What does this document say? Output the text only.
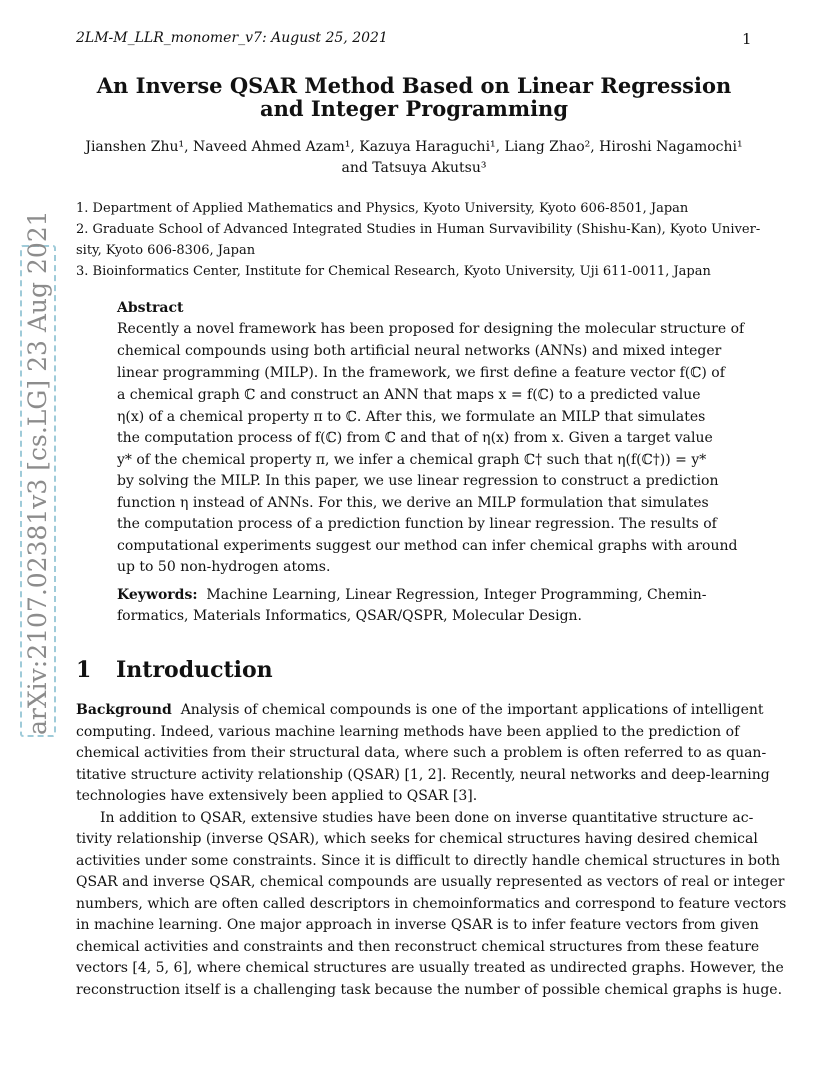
2LM-M_LLR_monomer_v7: August 25, 2021	1
An Inverse QSAR Method Based on Linear Regression
and Integer Programming
Jianshen Zhu¹, Naveed Ahmed Azam¹, Kazuya Haraguchi¹, Liang Zhao², Hiroshi Nagamochi¹
and Tatsuya Akutsu³
1. Department of Applied Mathematics and Physics, Kyoto University, Kyoto 606-8501, Japan
2. Graduate School of Advanced Integrated Studies in Human Survavibility (Shishu-Kan), Kyoto Univer-
sity, Kyoto 606-8306, Japan
3. Bioinformatics Center, Institute for Chemical Research, Kyoto University, Uji 611-0011, Japan
arXiv:2107.02381v3 [cs.LG] 23 Aug 2021	Abstract
Recently a novel framework has been proposed for designing the molecular structure of
chemical compounds using both artificial neural networks (ANNs) and mixed integer
linear programming (MILP). In the framework, we first define a feature vector f(ℂ) of
a chemical graph ℂ and construct an ANN that maps x = f(ℂ) to a predicted value
η(x) of a chemical property π to ℂ. After this, we formulate an MILP that simulates
the computation process of f(ℂ) from ℂ and that of η(x) from x. Given a target value
y* of the chemical property π, we infer a chemical graph ℂ† such that η(f(ℂ†)) = y*
by solving the MILP. In this paper, we use linear regression to construct a prediction
function η instead of ANNs. For this, we derive an MILP formulation that simulates
the computation process of a prediction function by linear regression. The results of
computational experiments suggest our method can infer chemical graphs with around
up to 50 non-hydrogen atoms.
Keywords: Machine Learning, Linear Regression, Integer Programming, Chemin-
formatics, Materials Informatics, QSAR/QSPR, Molecular Design.
1 Introduction
Background Analysis of chemical compounds is one of the important applications of intelligent
computing. Indeed, various machine learning methods have been applied to the prediction of
chemical activities from their structural data, where such a problem is often referred to as quan-
titative structure activity relationship (QSAR) [1, 2]. Recently, neural networks and deep-learning
technologies have extensively been applied to QSAR [3].
In addition to QSAR, extensive studies have been done on inverse quantitative structure ac-
tivity relationship (inverse QSAR), which seeks for chemical structures having desired chemical
activities under some constraints. Since it is difficult to directly handle chemical structures in both
QSAR and inverse QSAR, chemical compounds are usually represented as vectors of real or integer
numbers, which are often called descriptors in chemoinformatics and correspond to feature vectors
in machine learning. One major approach in inverse QSAR is to infer feature vectors from given
chemical activities and constraints and then reconstruct chemical structures from these feature
vectors [4, 5, 6], where chemical structures are usually treated as undirected graphs. However, the
reconstruction itself is a challenging task because the number of possible chemical graphs is huge.
